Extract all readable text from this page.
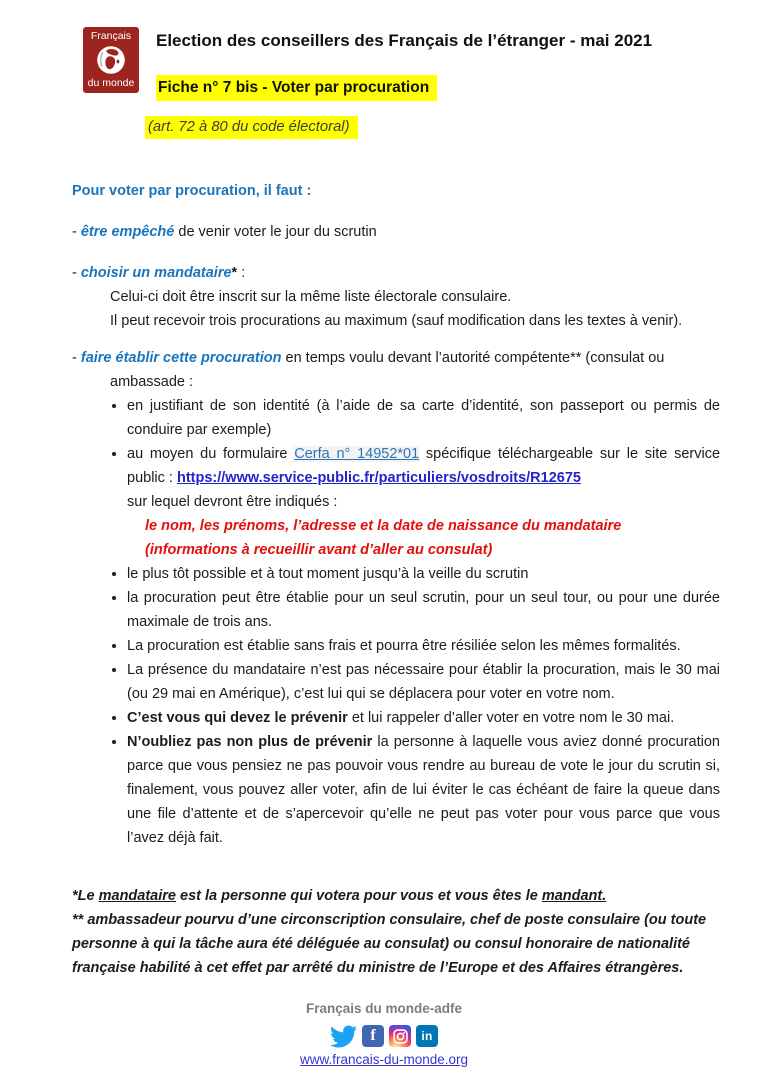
Français
du monde
Election des conseillers des Français de l’étranger - mai 2021
Fiche n° 7 bis - Voter par procuration
(art. 72 à 80 du code électoral)

Pour voter par procuration, il faut :

- être empêché de venir voter le jour du scrutin

- choisir un mandataire* :

Celui-ci doit être inscrit sur la même liste électorale consulaire.

Il peut recevoir trois procurations au maximum (sauf modification dans les textes à venir).

- faire établir cette procuration en temps voulu devant l’autorité compétente** (consulat ou
ambassade :

• en justifiant de son identité (à l’aide de sa carte d’identité, son passeport ou permis de conduire par exemple)
• au moyen du formulaire Cerfa n° 14952*01 spécifique téléchargeable sur le site service public : https://www.service-public.fr/particuliers/vosdroits/R12675
sur lequel devront être indiqués :
le nom, les prénoms, l’adresse et la date de naissance du mandataire
(informations à recueillir avant d’aller au consulat)
• le plus tôt possible et à tout moment jusqu’à la veille du scrutin
• la procuration peut être établie pour un seul scrutin, pour un seul tour, ou pour une durée maximale de trois ans.
• La procuration est établie sans frais et pourra être résiliée selon les mêmes formalités.
• La présence du mandataire n’est pas nécessaire pour établir la procuration, mais le 30 mai (ou 29 mai en Amérique), c’est lui qui se déplacera pour voter en votre nom.
• C’est vous qui devez le prévenir et lui rappeler d’aller voter en votre nom le 30 mai.
• N’oubliez pas non plus de prévenir la personne à laquelle vous aviez donné procuration parce que vous pensiez ne pas pouvoir vous rendre au bureau de vote le jour du scrutin si, finalement, vous pouvez aller voter, afin de lui éviter le cas échéant de faire la queue dans une file d’attente et de s’apercevoir qu’elle ne peut pas voter pour vous parce que vous l’avez déjà fait.
*Le mandataire est la personne qui votera pour vous et vous êtes le mandant.
** ambassadeur pourvu d’une circonscription consulaire, chef de poste consulaire (ou toute personne à qui la tâche aura été déléguée au consulat) ou consul honoraire de nationalité française habilité à cet effet par arrêté du ministre de l’Europe et des Affaires étrangères.
Français du monde-adfe
f	in
www.francais-du-monde.org
